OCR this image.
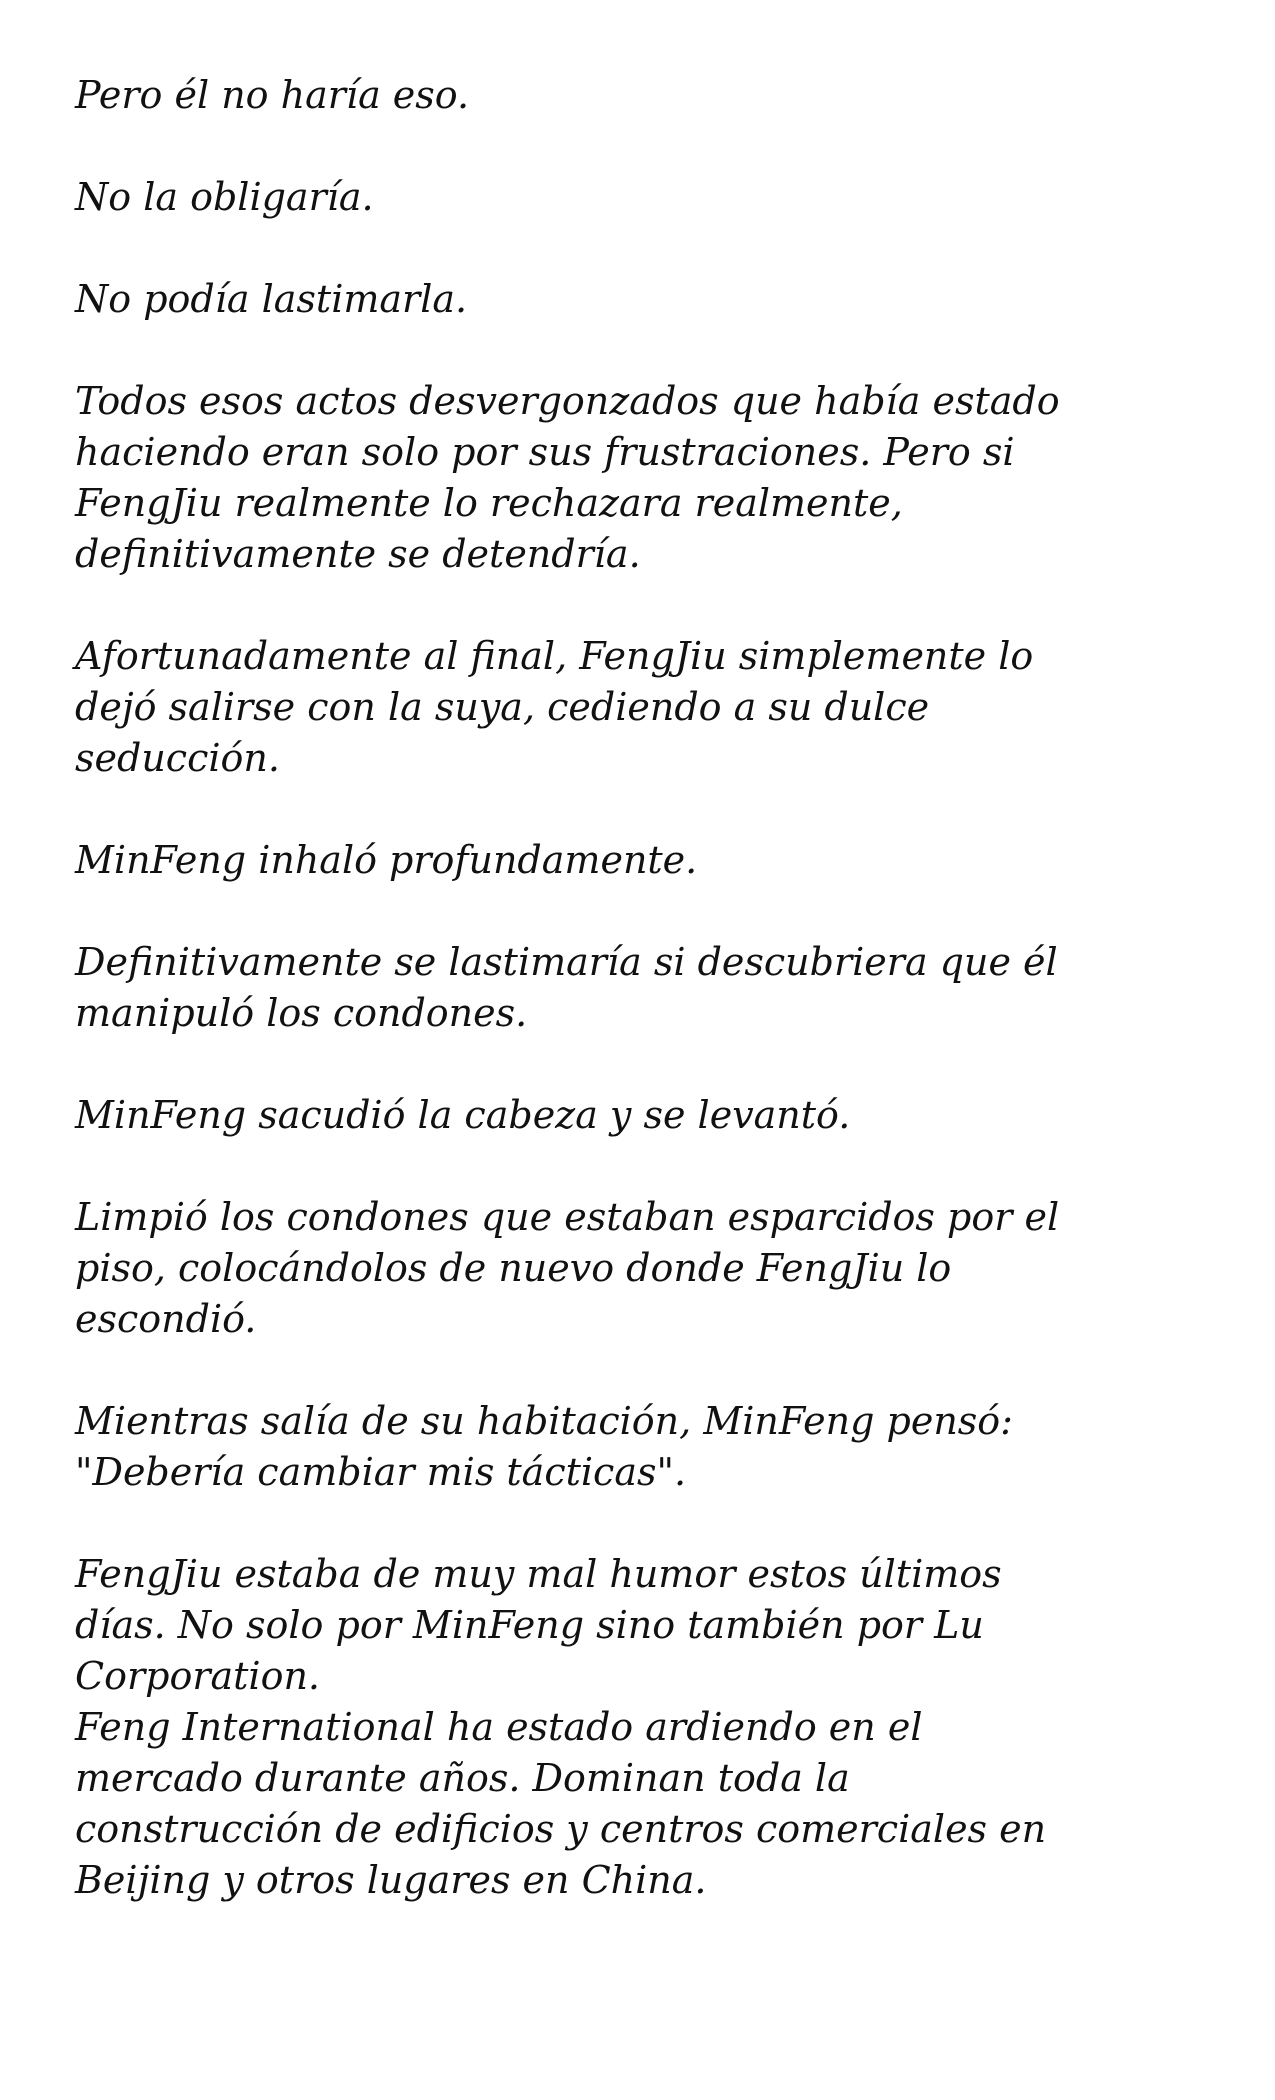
Pero él no haría eso.

No la obligaría.

No podía lastimarla.

Todos esos actos desvergonzados que había estado
haciendo eran solo por sus frustraciones. Pero si
FengJiu realmente lo rechazara realmente,
definitivamente se detendría.

Afortunadamente al final, FengJiu simplemente lo
dejó salirse con la suya, cediendo a su dulce
seducción.

MinFeng inhaló profundamente.

Definitivamente se lastimaría si descubriera que él
manipuló los condones.

MinFeng sacudió la cabeza y se levantó.

Limpió los condones que estaban esparcidos por el
piso, colocándolos de nuevo donde FengJiu lo
escondió.

Mientras salía de su habitación, MinFeng pensó:
"Debería cambiar mis tácticas".

FengJiu estaba de muy mal humor estos últimos
días. No solo por MinFeng sino también por Lu
Corporation.

Feng International ha estado ardiendo en el
mercado durante años. Dominan toda la
construcción de edificios y centros comerciales en
Beijing y otros lugares en China.
